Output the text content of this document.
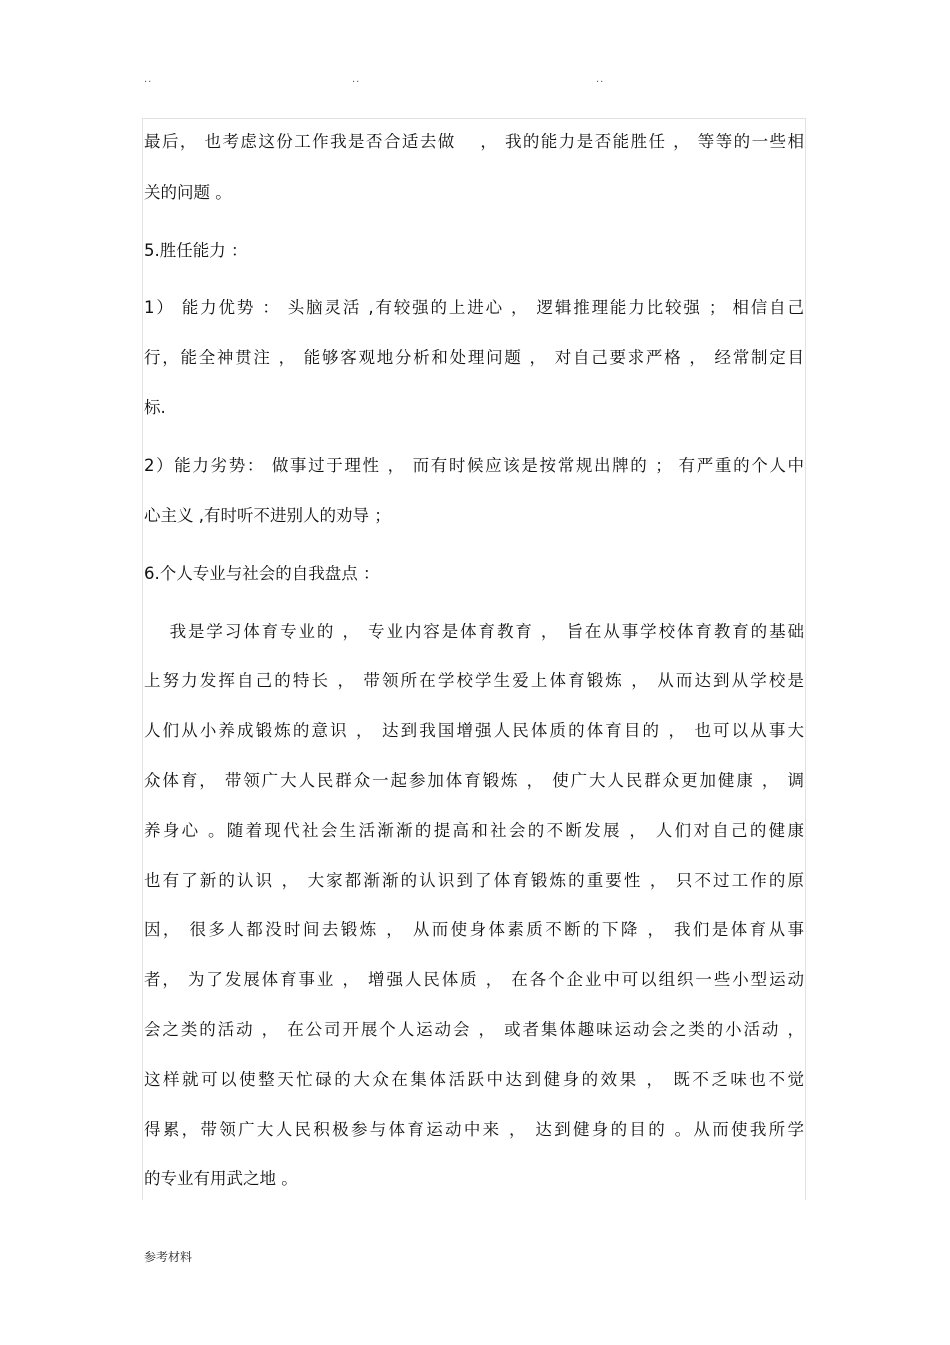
..	..	..
最后， 也考虑这份工作我是否合适去做　 ， 我的能力是否能胜任 ， 等等的一些相
关的问题 。
5.胜任能力 ：
1） 能力优势 ： 头脑灵活 ,有较强的上进心 ， 逻辑推理能力比较强 ； 相信自己
行，能全神贯注 ， 能够客观地分析和处理问题 ， 对自己要求严格 ， 经常制定目
标.
2）能力劣势： 做事过于理性 ， 而有时候应该是按常规出牌的 ； 有严重的个人中
心主义 ,有时听不进别人的劝导 ；
6.个人专业与社会的自我盘点 ：
　 我是学习体育专业的 ， 专业内容是体育教育 ， 旨在从事学校体育教育的基础
上努力发挥自己的特长 ， 带领所在学校学生爱上体育锻炼 ， 从而达到从学校是
人们从小养成锻炼的意识 ， 达到我国增强人民体质的体育目的 ， 也可以从事大
众体育， 带领广大人民群众一起参加体育锻炼 ， 使广大人民群众更加健康 ， 调
养身心 。随着现代社会生活渐渐的提高和社会的不断发展 ， 人们对自己的健康
也有了新的认识 ， 大家都渐渐的认识到了体育锻炼的重要性 ， 只不过工作的原
因， 很多人都没时间去锻炼 ， 从而使身体素质不断的下降 ， 我们是体育从事
者， 为了发展体育事业 ， 增强人民体质 ， 在各个企业中可以组织一些小型运动
会之类的活动 ， 在公司开展个人运动会 ， 或者集体趣味运动会之类的小活动 ，
这样就可以使整天忙碌的大众在集体活跃中达到健身的效果 ， 既不乏味也不觉
得累，带领广大人民积极参与体育运动中来 ， 达到健身的目的 。从而使我所学
的专业有用武之地 。
参考材料
